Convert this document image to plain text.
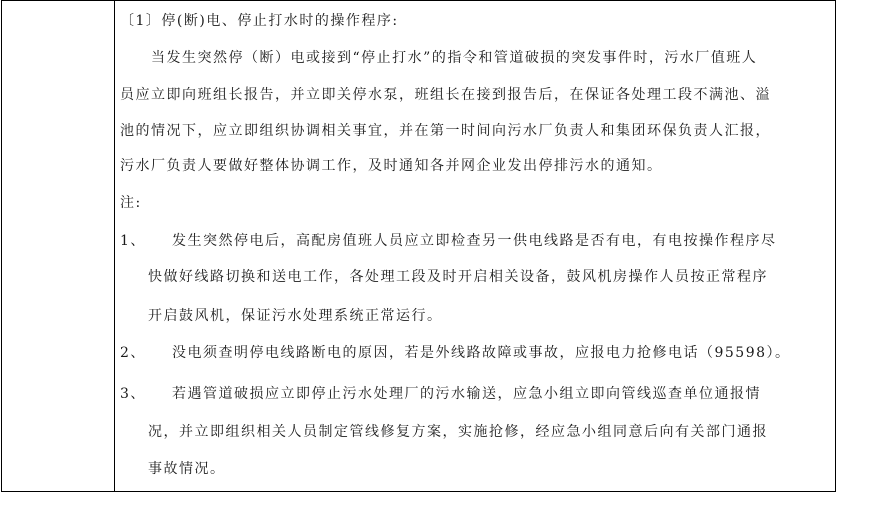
〔1〕停(断)电、停止打水时的操作程序:
当发生突然停（断）电或接到“停止打水”的指令和管道破损的突发事件时，污水厂值班人
员应立即向班组长报告，并立即关停水泵，班组长在接到报告后，在保证各处理工段不满池、溢
池的情况下，应立即组织协调相关事宜，并在第一时间向污水厂负责人和集团环保负责人汇报，
污水厂负责人要做好整体协调工作，及时通知各并网企业发出停排污水的通知。
注:
1、 发生突然停电后，高配房值班人员应立即检查另一供电线路是否有电，有电按操作程序尽
快做好线路切换和送电工作，各处理工段及时开启相关设备，鼓风机房操作人员按正常程序
开启鼓风机，保证污水处理系统正常运行。
2、 没电须查明停电线路断电的原因，若是外线路故障或事故，应报电力抢修电话（95598）。
3、 若遇管道破损应立即停止污水处理厂的污水输送，应急小组立即向管线巡查单位通报情
况，并立即组织相关人员制定管线修复方案，实施抢修，经应急小组同意后向有关部门通报
事故情况。
